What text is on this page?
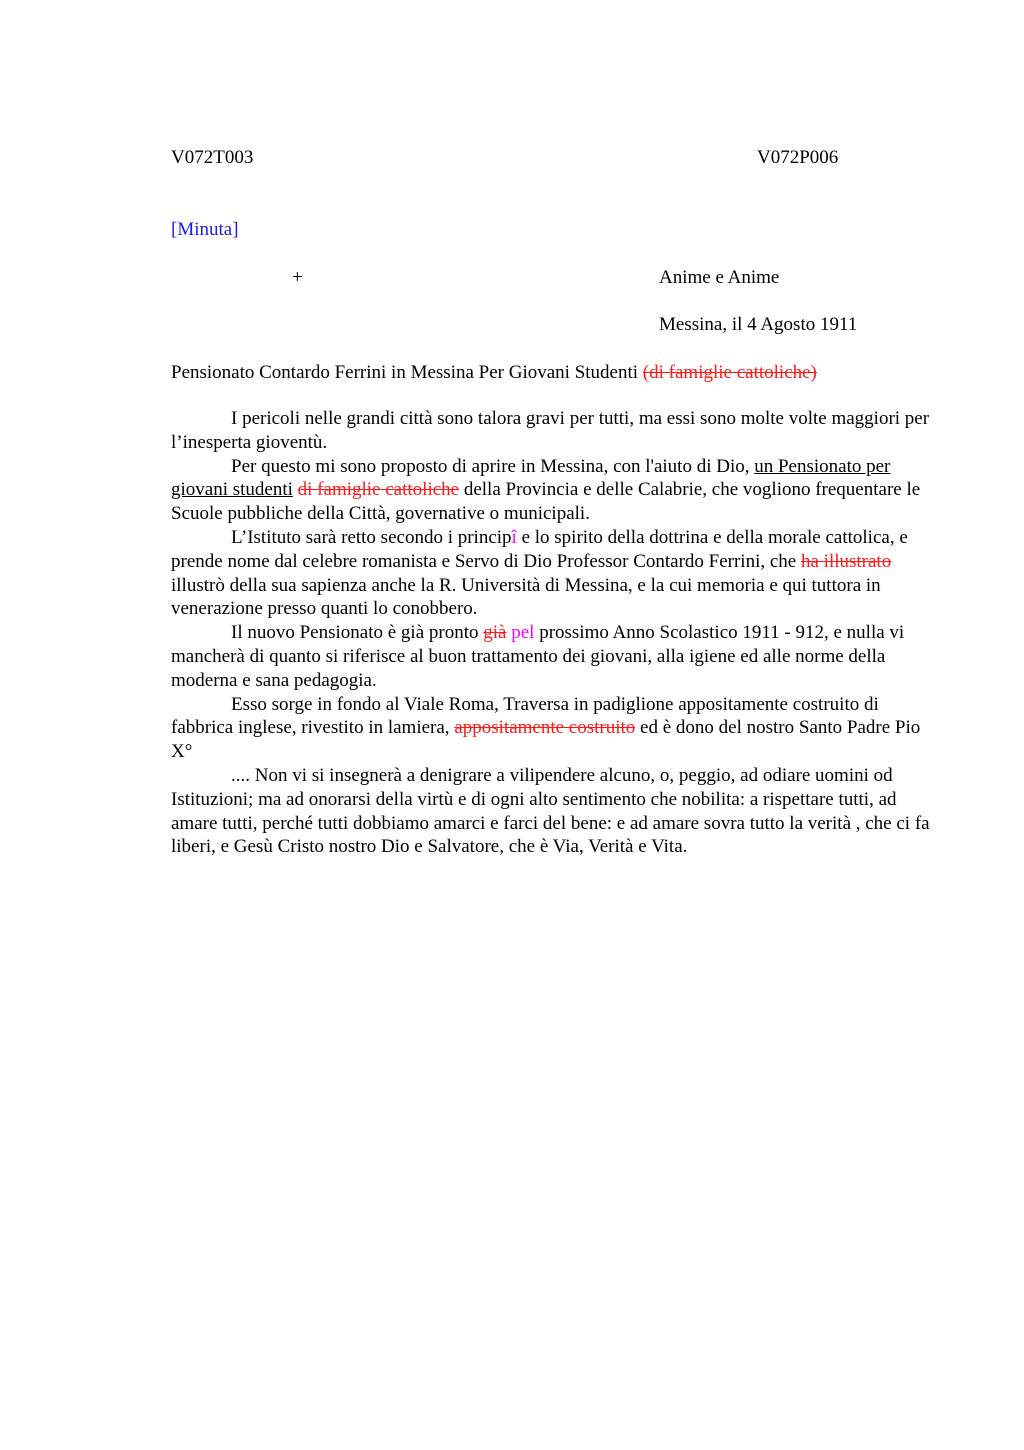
V072T003	V072P006
[Minuta]
+	Anime e Anime
Messina, il 4 Agosto 1911
Pensionato Contardo Ferrini in Messina Per Giovani Studenti (di famiglie cattoliche)

I pericoli nelle grandi città sono talora gravi per tutti, ma essi sono molte volte maggiori per l’inesperta gioventù.

Per questo mi sono proposto di aprire in Messina, con l'aiuto di Dio, un Pensionato per giovani studenti di famiglie cattoliche della Provincia e delle Calabrie, che vogliono frequentare le Scuole pubbliche della Città, governative o municipali.

L’Istituto sarà retto secondo i principî e lo spirito della dottrina e della morale cattolica, e prende nome dal celebre romanista e Servo di Dio Professor Contardo Ferrini, che ha illustrato illustrò della sua sapienza anche la R. Università di Messina, e la cui memoria e qui tuttora in venerazione presso quanti lo conobbero.

Il nuovo Pensionato è già pronto già pel prossimo Anno Scolastico 1911 - 912, e nulla vi mancherà di quanto si riferisce al buon trattamento dei giovani, alla igiene ed alle norme della moderna e sana pedagogia.

Esso sorge in fondo al Viale Roma, Traversa in padiglione appositamente costruito di fabbrica inglese, rivestito in lamiera, appositamente costruito ed è dono del nostro Santo Padre Pio X°

.... Non vi si insegnerà a denigrare a vilipendere alcuno, o, peggio, ad odiare uomini od Istituzioni; ma ad onorarsi della virtù e di ogni alto sentimento che nobilita: a rispettare tutti, ad amare tutti, perché tutti dobbiamo amarci e farci del bene: e ad amare sovra tutto la verità , che ci fa liberi, e Gesù Cristo nostro Dio e Salvatore, che è Via, Verità e Vita.
